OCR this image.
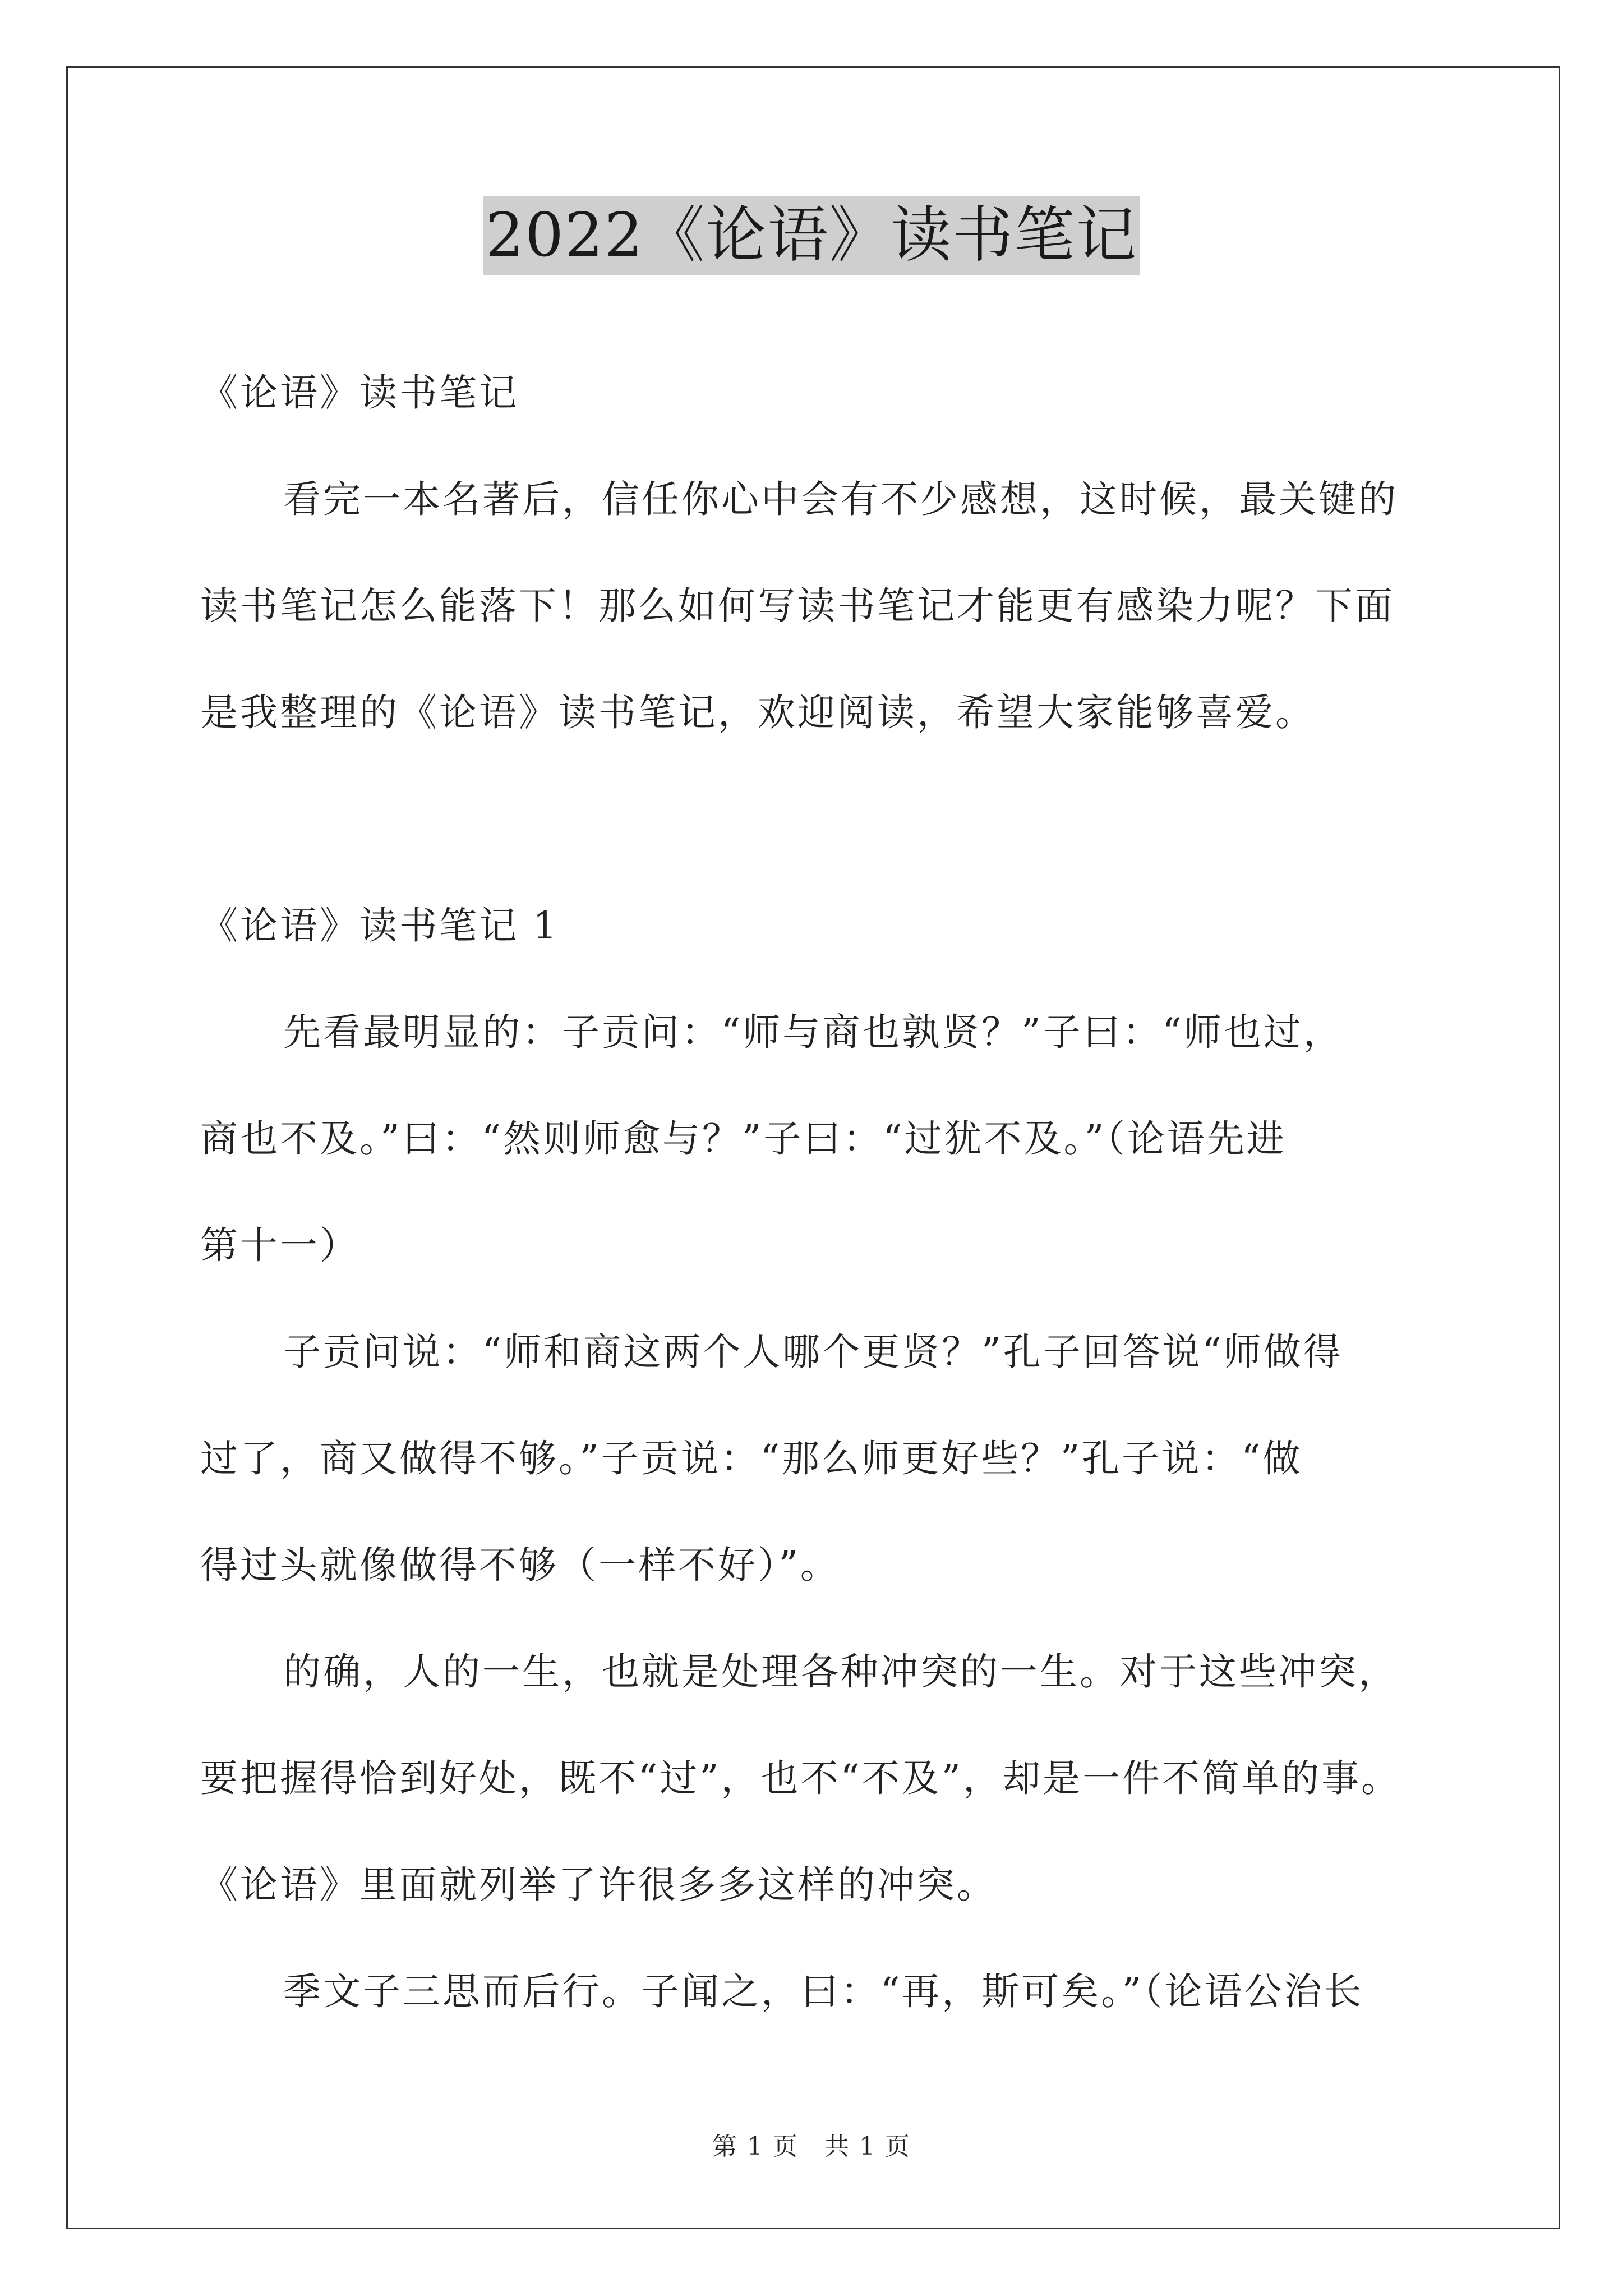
2022《论语》读书笔记

《论语》读书笔记

看完一本名著后，信任你心中会有不少感想，这时候，最关键的

读书笔记怎么能落下！那么如何写读书笔记才能更有感染力呢？下面

是我整理的《论语》读书笔记，欢迎阅读，希望大家能够喜爱。

《论语》读书笔记 1

先看最明显的：子贡问：“师与商也孰贤？”子曰：“师也过，

商也不及。”曰：“然则师愈与？”子曰：“过犹不及。”（论语先进

第十一）

子贡问说：“师和商这两个人哪个更贤？”孔子回答说“师做得

过了，商又做得不够。”子贡说：“那么师更好些？”孔子说：“做

得过头就像做得不够（一样不好）”。

的确，人的一生，也就是处理各种冲突的一生。对于这些冲突，

要把握得恰到好处，既不“过”，也不“不及”，却是一件不简单的事。

《论语》里面就列举了许很多多这样的冲突。

季文子三思而后行。子闻之，曰：“再，斯可矣。”（论语公治长

第 1 页　共 1 页
